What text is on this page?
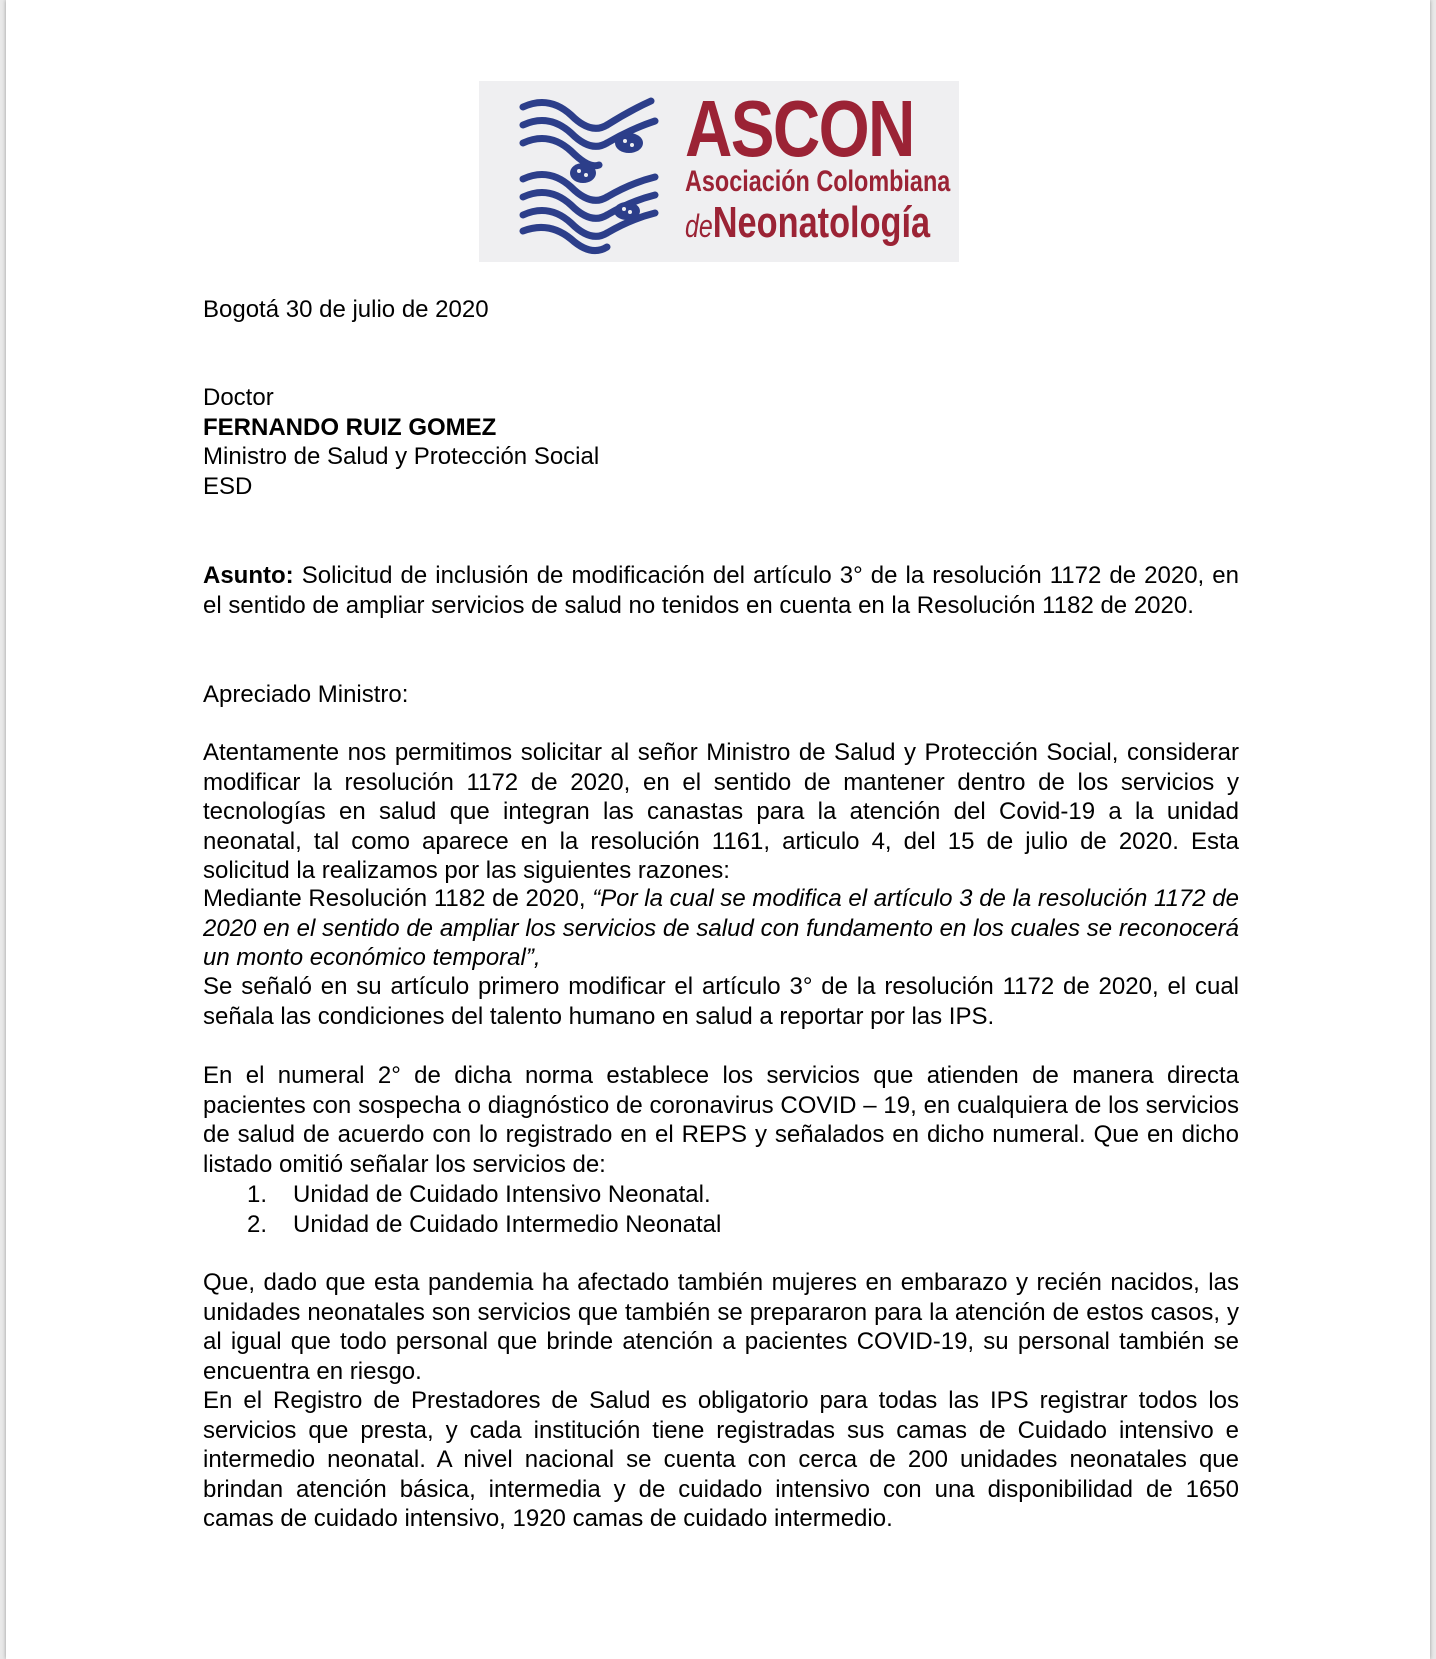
ASCON
Asociación Colombiana
deNeonatología

Bogotá 30 de julio de 2020

Doctor

FERNANDO RUIZ GOMEZ

Ministro de Salud y Protección Social

ESD

Asunto: Solicitud de inclusión de modificación del artículo 3° de la resolución 1172 de 2020, en el sentido de ampliar servicios de salud no tenidos en cuenta en la Resolución 1182 de 2020.

Apreciado Ministro:

Atentamente nos permitimos solicitar al señor Ministro de Salud y Protección Social, considerar modificar la resolución 1172 de 2020, en el sentido de mantener dentro de los servicios y tecnologías en salud que integran las canastas para la atención del Covid-19 a la unidad neonatal, tal como aparece en la resolución 1161, articulo 4, del 15 de julio de 2020. Esta solicitud la realizamos por las siguientes razones:

Mediante Resolución 1182 de 2020, “Por la cual se modifica el artículo 3 de la resolución 1172 de 2020 en el sentido de ampliar los servicios de salud con fundamento en los cuales se reconocerá un monto económico temporal”,

Se señaló en su artículo primero modificar el artículo 3° de la resolución 1172 de 2020, el cual señala las condiciones del talento humano en salud a reportar por las IPS.

En el numeral 2° de dicha norma establece los servicios que atienden de manera directa pacientes con sospecha o diagnóstico de coronavirus COVID – 19, en cualquiera de los servicios de salud de acuerdo con lo registrado en el REPS y señalados en dicho numeral. Que en dicho listado omitió señalar los servicios de:

1.	Unidad de Cuidado Intensivo Neonatal.
2.	Unidad de Cuidado Intermedio Neonatal

Que, dado que esta pandemia ha afectado también mujeres en embarazo y recién nacidos, las unidades neonatales son servicios que también se prepararon para la atención de estos casos, y al igual que todo personal que brinde atención a pacientes COVID-19, su personal también se encuentra en riesgo.

En el Registro de Prestadores de Salud es obligatorio para todas las IPS registrar todos los servicios que presta, y cada institución tiene registradas sus camas de Cuidado intensivo e intermedio neonatal. A nivel nacional se cuenta con cerca de 200 unidades neonatales que brindan atención básica, intermedia y de cuidado intensivo con una disponibilidad de 1650 camas de cuidado intensivo, 1920 camas de cuidado intermedio.
